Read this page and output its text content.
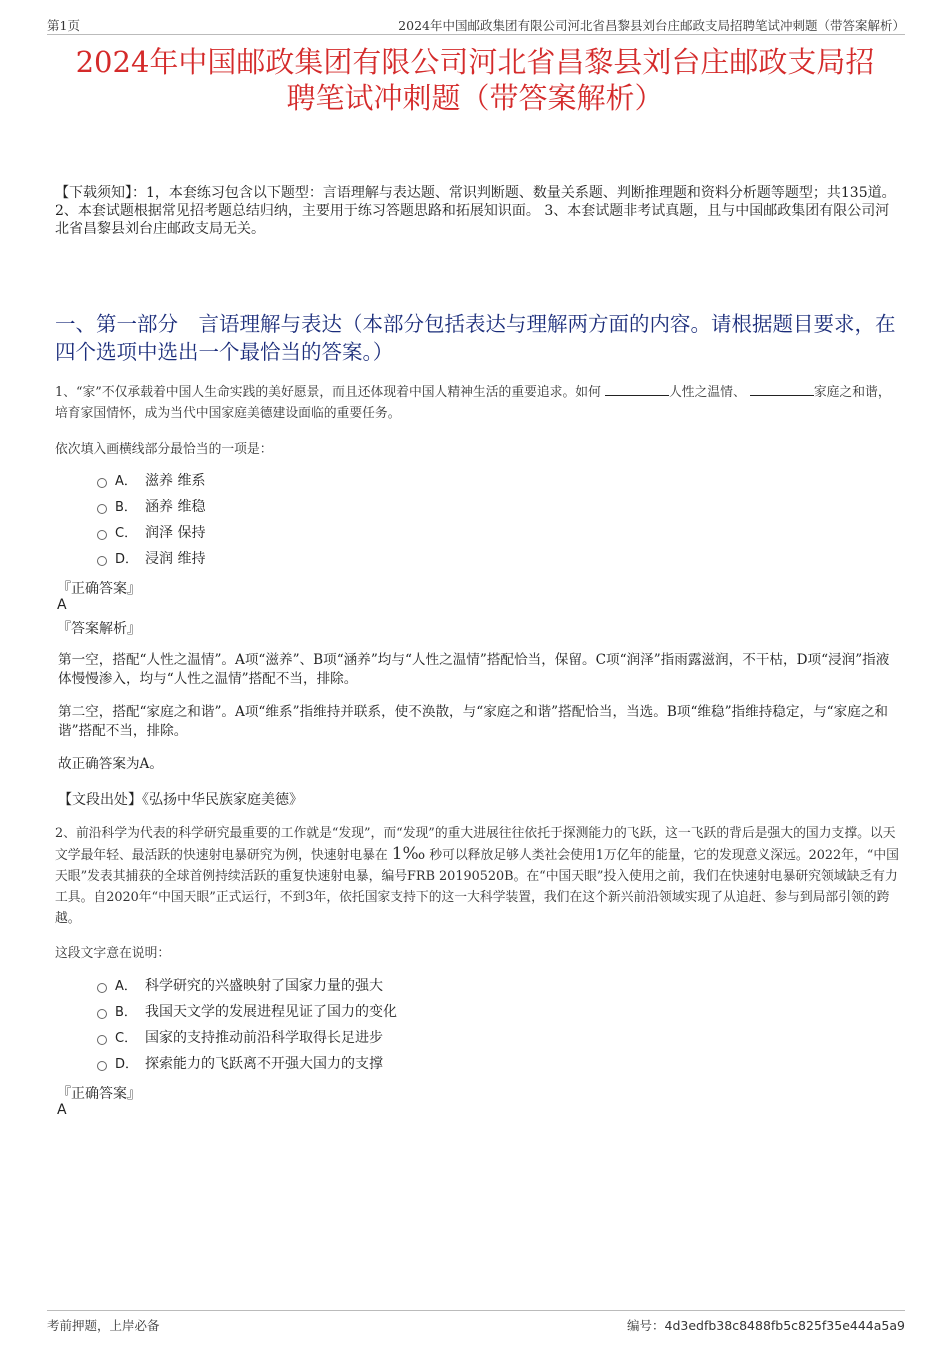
第1页	2024年中国邮政集团有限公司河北省昌黎县刘台庄邮政支局招聘笔试冲刺题（带答案解析）
2024年中国邮政集团有限公司河北省昌黎县刘台庄邮政支局招
聘笔试冲刺题（带答案解析）
【下载须知】：1，本套练习包含以下题型：言语理解与表达题、常识判断题、数量关系题、判断推理题和资料分析题等题型；共135道。 2、本套试题根据常见招考题总结归纳，主要用于练习答题思路和拓展知识面。 3、本套试题非考试真题，且与中国邮政集团有限公司河北省昌黎县刘台庄邮政支局无关。
一、第一部分　言语理解与表达（本部分包括表达与理解两方面的内容。请根据题目要求，在四个选项中选出一个最恰当的答案。）
1、“家”不仅承载着中国人生命实践的美好愿景，而且还体现着中国人精神生活的重要追求。如何	人性之温情、	家庭之和谐，培育家国情怀，成为当代中国家庭美德建设面临的重要任务。
依次填入画横线部分最恰当的一项是：
A． 滋养 维系
B． 涵养 维稳
C． 润泽 保持
D． 浸润 维持
『正确答案』
A
『答案解析』
第一空，搭配“人性之温情”。A项“滋养”、B项“涵养”均与“人性之温情”搭配恰当，保留。C项“润泽”指雨露滋润，不干枯，D项“浸润”指液体慢慢渗入，均与“人性之温情”搭配不当，排除。
第二空，搭配“家庭之和谐”。A项“维系”指维持并联系，使不涣散，与“家庭之和谐”搭配恰当，当选。B项“维稳”指维持稳定，与“家庭之和谐”搭配不当，排除。
故正确答案为A。
【文段出处】《弘扬中华民族家庭美德》
2、前沿科学为代表的科学研究最重要的工作就是“发现”，而“发现”的重大进展往往依托于探测能力的飞跃，这一飞跃的背后是强大的国力支撑。以天文学最年轻、最活跃的快速射电暴研究为例，快速射电暴在 1‰ 秒可以释放足够人类社会使用1万亿年的能量，它的发现意义深远。2022年，“中国天眼”发表其捕获的全球首例持续活跃的重复快速射电暴，编号FRB 20190520B。在“中国天眼”投入使用之前，我们在快速射电暴研究领域缺乏有力工具。自2020年“中国天眼”正式运行，不到3年，依托国家支持下的这一大科学装置，我们在这个新兴前沿领域实现了从追赶、参与到局部引领的跨越。
这段文字意在说明：
A． 科学研究的兴盛映射了国家力量的强大
B． 我国天文学的发展进程见证了国力的变化
C． 国家的支持推动前沿科学取得长足进步
D． 探索能力的飞跃离不开强大国力的支撑
『正确答案』
A
考前押题，上岸必备	编号：4d3edfb38c8488fb5c825f35e444a5a9
